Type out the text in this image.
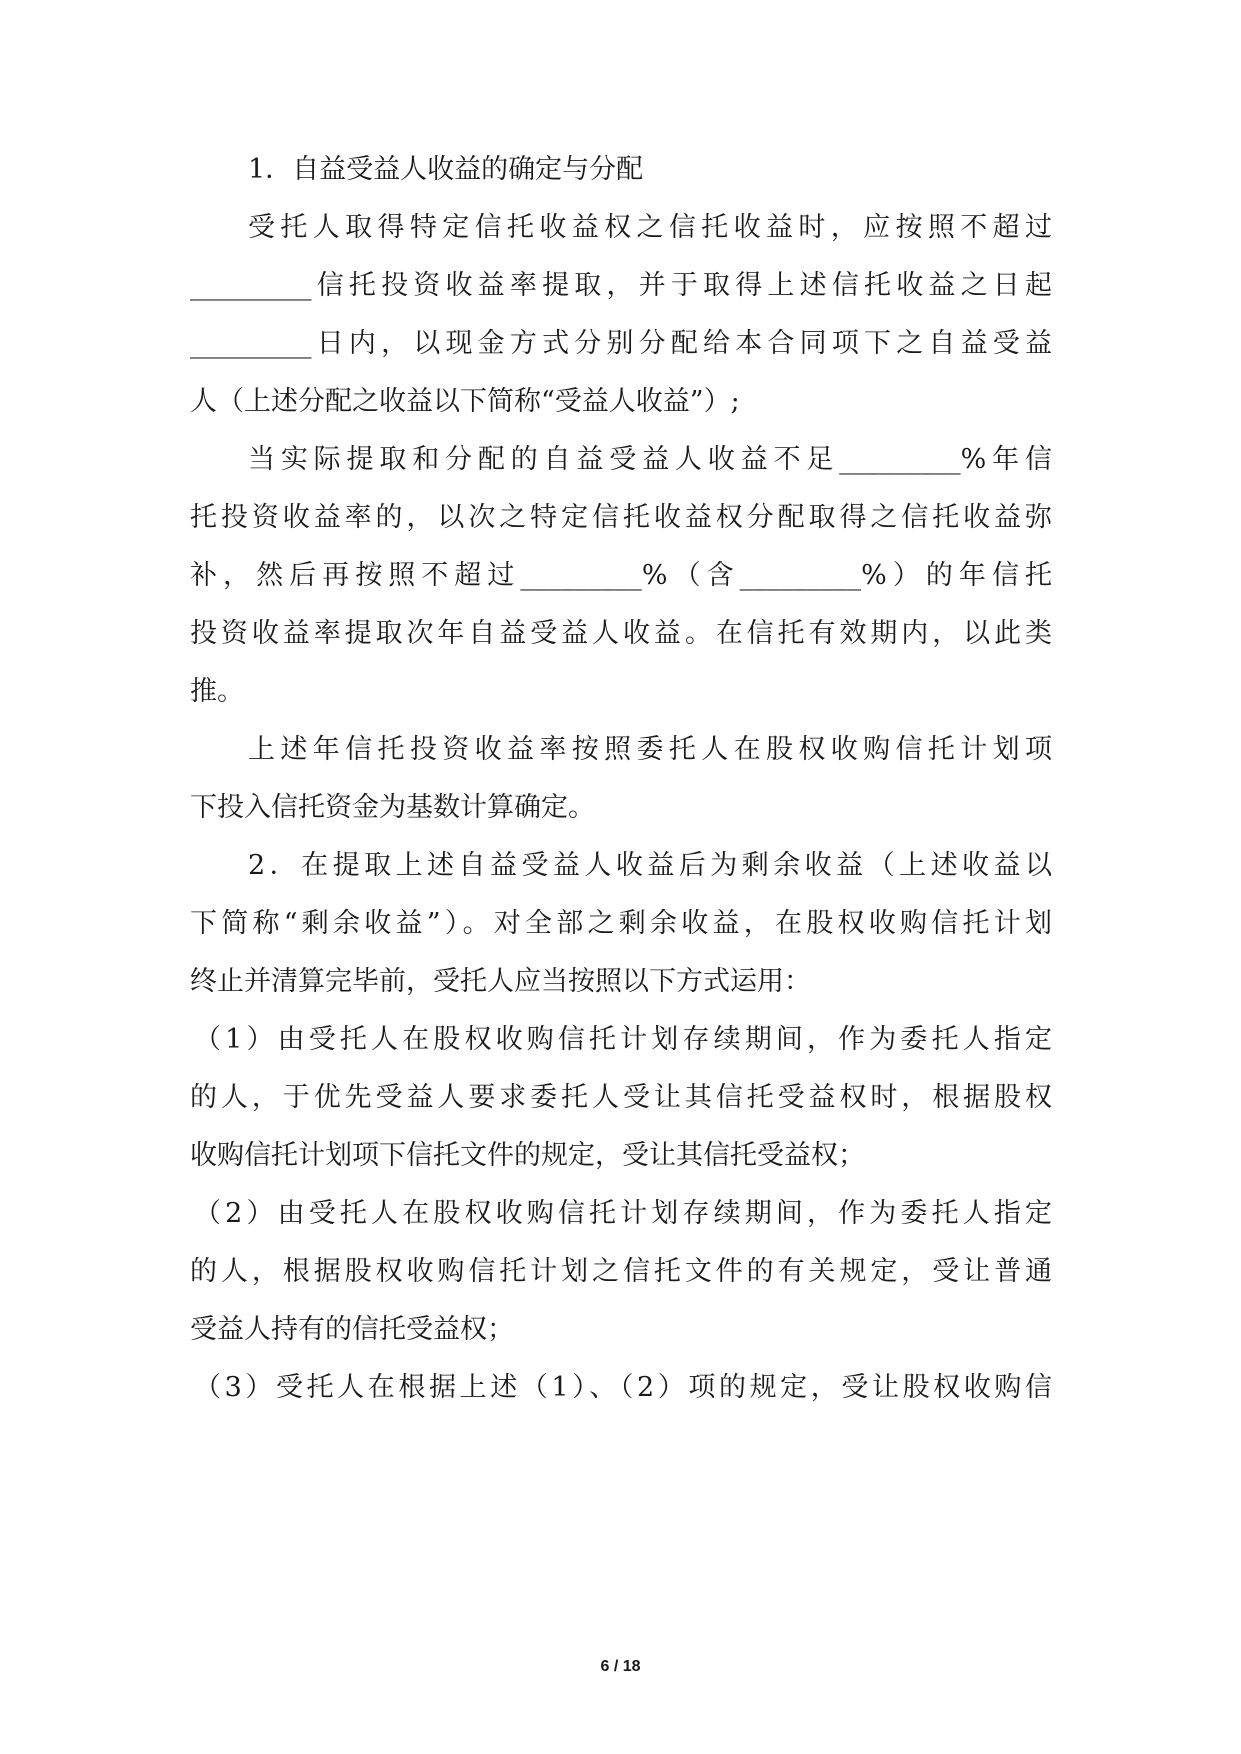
1．自益受益人收益的确定与分配
受托人取得特定信托收益权之信托收益时，应按照不超过
_________信托投资收益率提取，并于取得上述信托收益之日起
_________日内，以现金方式分别分配给本合同项下之自益受益
人（上述分配之收益以下简称“受益人收益”）;
当实际提取和分配的自益受益人收益不足_________%年信
托投资收益率的，以次之特定信托收益权分配取得之信托收益弥
补，然后再按照不超过_________%（含_________%）的年信托
投资收益率提取次年自益受益人收益。在信托有效期内，以此类
推。
上述年信托投资收益率按照委托人在股权收购信托计划项
下投入信托资金为基数计算确定。
2．在提取上述自益受益人收益后为剩余收益（上述收益以
下简称“剩余收益”）。对全部之剩余收益，在股权收购信托计划
终止并清算完毕前，受托人应当按照以下方式运用：
（1）由受托人在股权收购信托计划存续期间，作为委托人指定
的人，于优先受益人要求委托人受让其信托受益权时，根据股权
收购信托计划项下信托文件的规定，受让其信托受益权；
（2）由受托人在股权收购信托计划存续期间，作为委托人指定
的人，根据股权收购信托计划之信托文件的有关规定，受让普通
受益人持有的信托受益权；
（3）受托人在根据上述（1）、（2）项的规定，受让股权收购信
6 / 18
